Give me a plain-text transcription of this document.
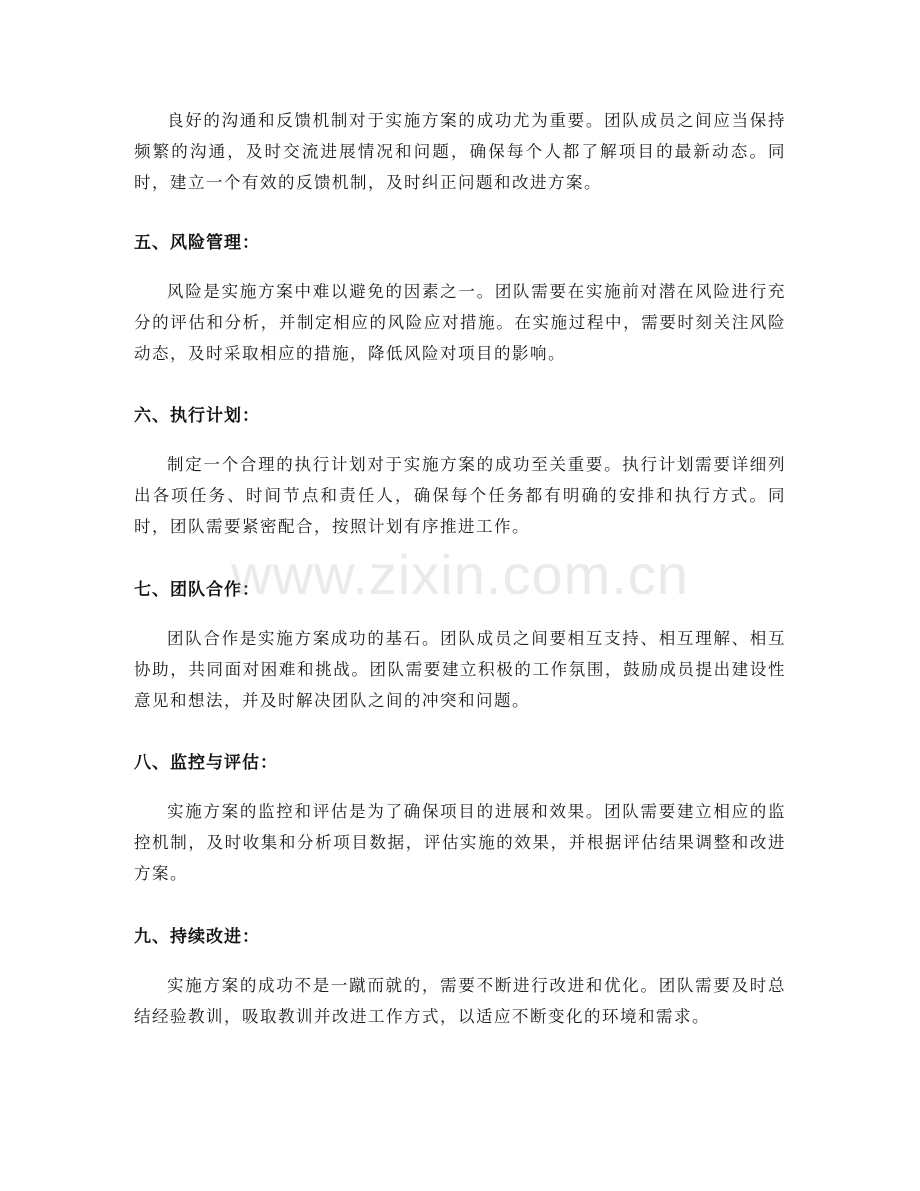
良好的沟通和反馈机制对于实施方案的成功尤为重要。团队成员之间应当保持频繁的沟通，及时交流进展情况和问题，确保每个人都了解项目的最新动态。同时，建立一个有效的反馈机制，及时纠正问题和改进方案。

五、风险管理：

风险是实施方案中难以避免的因素之一。团队需要在实施前对潜在风险进行充分的评估和分析，并制定相应的风险应对措施。在实施过程中，需要时刻关注风险动态，及时采取相应的措施，降低风险对项目的影响。

六、执行计划：

制定一个合理的执行计划对于实施方案的成功至关重要。执行计划需要详细列出各项任务、时间节点和责任人，确保每个任务都有明确的安排和执行方式。同时，团队需要紧密配合，按照计划有序推进工作。

七、团队合作：

团队合作是实施方案成功的基石。团队成员之间要相互支持、相互理解、相互协助，共同面对困难和挑战。团队需要建立积极的工作氛围，鼓励成员提出建设性意见和想法，并及时解决团队之间的冲突和问题。

八、监控与评估：

实施方案的监控和评估是为了确保项目的进展和效果。团队需要建立相应的监控机制，及时收集和分析项目数据，评估实施的效果，并根据评估结果调整和改进方案。

九、持续改进：

实施方案的成功不是一蹴而就的，需要不断进行改进和优化。团队需要及时总结经验教训，吸取教训并改进工作方式，以适应不断变化的环境和需求。

www.zixin.com.cn
